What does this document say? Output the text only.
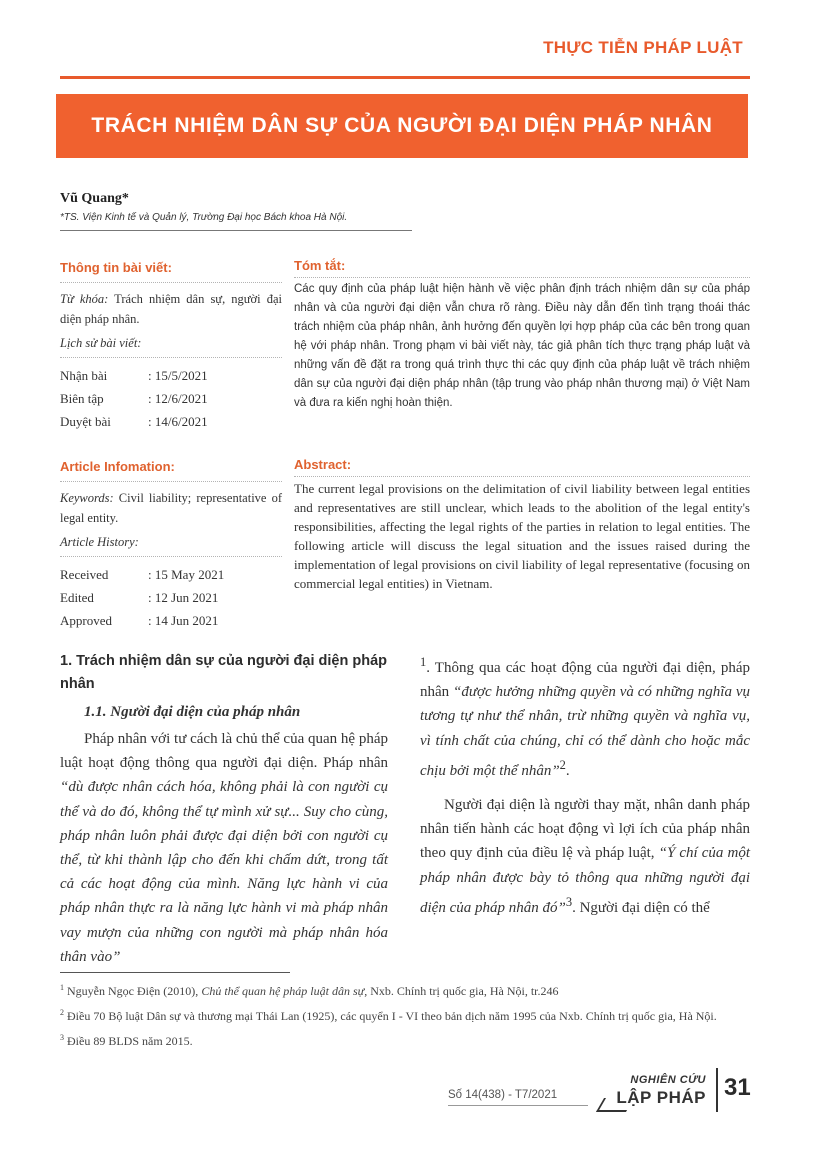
THỰC TIỄN PHÁP LUẬT
TRÁCH NHIỆM DÂN SỰ CỦA NGƯỜI ĐẠI DIỆN PHÁP NHÂN
Vũ Quang*
*TS. Viện Kinh tế và Quản lý, Trường Đại học Bách khoa Hà Nội.
Thông tin bài viết:
Từ khóa: Trách nhiệm dân sự, người đại diện pháp nhân.
Lịch sử bài viết:
Nhận bài	: 15/5/2021
Biên tập	: 12/6/2021
Duyệt bài	: 14/6/2021
Tóm tắt:
Các quy định của pháp luật hiện hành về việc phân định trách nhiệm dân sự của pháp nhân và của người đại diện vẫn chưa rõ ràng. Điều này dẫn đến tình trạng thoái thác trách nhiệm của pháp nhân, ảnh hưởng đến quyền lợi hợp pháp của các bên trong quan hệ với pháp nhân. Trong phạm vi bài viết này, tác giả phân tích thực trạng pháp luật và những vấn đề đặt ra trong quá trình thực thi các quy định của pháp luật về trách nhiệm dân sự của người đại diện pháp nhân (tập trung vào pháp nhân thương mại) ở Việt Nam và đưa ra kiến nghị hoàn thiện.
Article Infomation:
Keywords: Civil liability; representative of legal entity.
Article History:
Received	: 15 May 2021
Edited	: 12 Jun 2021
Approved	: 14 Jun 2021
Abstract:
The current legal provisions on the delimitation of civil liability between legal entities and representatives are still unclear, which leads to the abolition of the legal entity's responsibilities, affecting the legal rights of the parties in relation to legal entities. The following article will discuss the legal situation and the issues raised during the implementation of legal provisions on civil liability of legal representative (focusing on commercial legal entities) in Vietnam.
1. Trách nhiệm dân sự của người đại diện pháp nhân
1.1. Người đại diện của pháp nhân

Pháp nhân với tư cách là chủ thể của quan hệ pháp luật hoạt động thông qua người đại diện. Pháp nhân “dù được nhân cách hóa, không phải là con người cụ thể và do đó, không thể tự mình xử sự... Suy cho cùng, pháp nhân luôn phải được đại diện bởi con người cụ thể, từ khi thành lập cho đến khi chấm dứt, trong tất cả các hoạt động của mình. Năng lực hành vi của pháp nhân thực ra là năng lực hành vi mà pháp nhân vay mượn của những con người mà pháp nhân hóa thân vào”

$^1$. Thông qua các hoạt động của người đại diện, pháp nhân “được hưởng những quyền và có những nghĩa vụ tương tự như thể nhân, trừ những quyền và nghĩa vụ, vì tính chất của chúng, chỉ có thể dành cho hoặc mắc chịu bởi một thể nhân”$^2$.

Người đại diện là người thay mặt, nhân danh pháp nhân tiến hành các hoạt động vì lợi ích của pháp nhân theo quy định của điều lệ và pháp luật, “Ý chí của một pháp nhân được bày tỏ thông qua những người đại diện của pháp nhân đó”$^3$. Người đại diện có thể

$^1$ Nguyễn Ngọc Điện (2010), Chủ thể quan hệ pháp luật dân sự, Nxb. Chính trị quốc gia, Hà Nội, tr.246

$^2$ Điều 70 Bộ luật Dân sự và thương mại Thái Lan (1925), các quyển I - VI theo bản dịch năm 1995 của Nxb. Chính trị quốc gia, Hà Nội.

$^3$ Điều 89 BLDS năm 2015.

Số 14(438) - T7/2021
NGHIÊN CỨU
LẬP PHÁP 31
